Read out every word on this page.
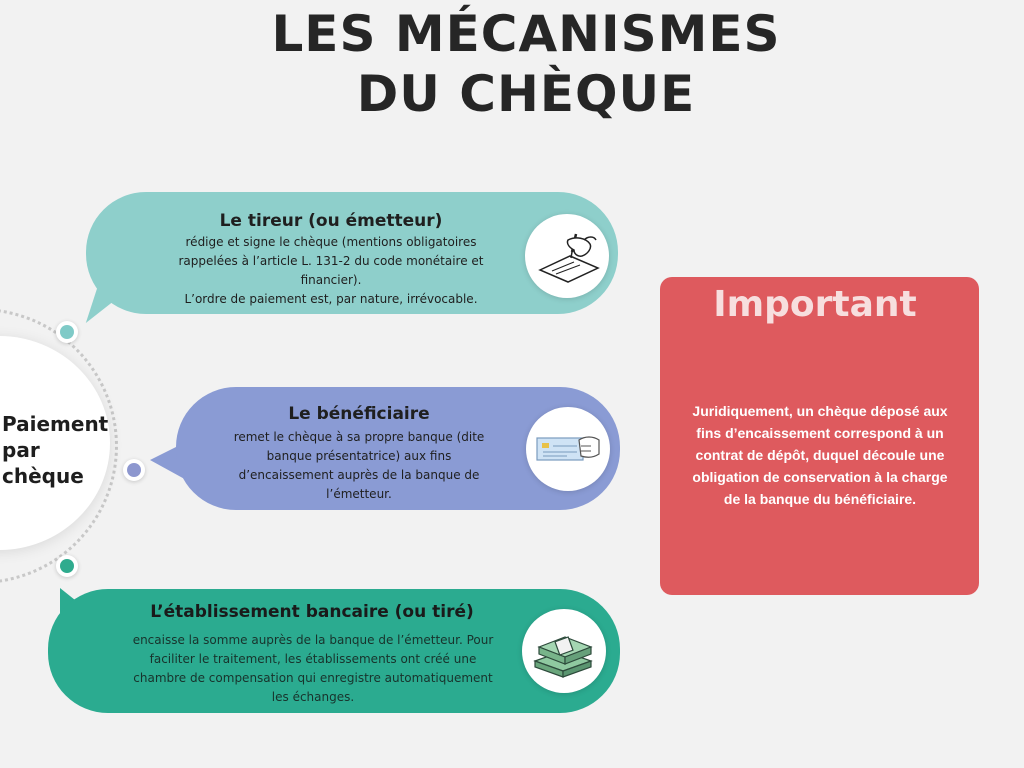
LES MÉCANISMES
DU CHÈQUE

Paiement
par
chèque

Le tireur (ou émetteur)

rédige et signe le chèque (mentions obligatoires
rappelées à l’article L. 131-2 du code monétaire et
financier).
L’ordre de paiement est, par nature, irrévocable.

Le bénéficiaire

remet le chèque à sa propre banque (dite
banque présentatrice) aux fins
d’encaissement auprès de la banque de
l’émetteur.

L’établissement bancaire (ou tiré)

encaisse la somme auprès de la banque de l’émetteur. Pour
faciliter le traitement, les établissements ont créé une
chambre de compensation qui enregistre automatiquement
les échanges.

Important

Juridiquement, un chèque déposé aux
fins d’encaissement correspond à un
contrat de dépôt, duquel découle une
obligation de conservation à la charge
de la banque du bénéficiaire.
